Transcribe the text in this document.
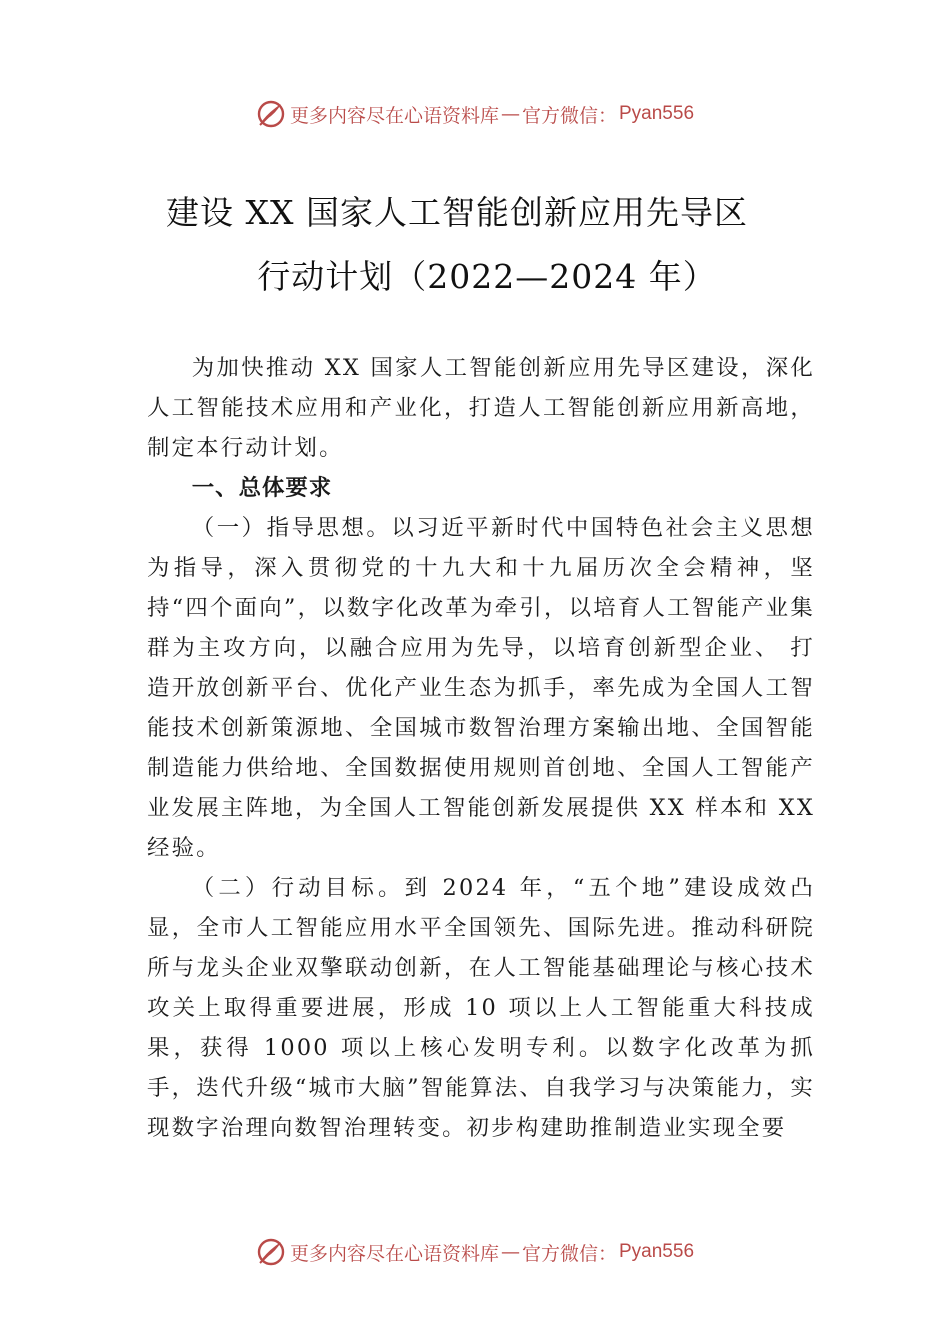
更多内容尽在心语资料库 — 官方微信： Pyan556
建设 XX 国家人工智能创新应用先导区
行动计划（2022—2024 年）

为加快推动 XX 国家人工智能创新应用先导区建设，深化人工智能技术应用和产业化，打造人工智能创新应用新高地，制定本行动计划。

一、总体要求

（一）指导思想。以习近平新时代中国特色社会主义思想为指导，深入贯彻党的十九大和十九届历次全会精神，坚持“四个面向”，以数字化改革为牵引，以培育人工智能产业集群为主攻方向，以融合应用为先导，以培育创新型企业、 打造开放创新平台、优化产业生态为抓手，率先成为全国人工智能技术创新策源地、全国城市数智治理方案输出地、全国智能制造能力供给地、全国数据使用规则首创地、全国人工智能产业发展主阵地，为全国人工智能创新发展提供 XX 样本和 XX 经验。

（二）行动目标。到 2024 年，“五个地”建设成效凸显，全市人工智能应用水平全国领先、国际先进。推动科研院所与龙头企业双擎联动创新，在人工智能基础理论与核心技术攻关上取得重要进展，形成 10 项以上人工智能重大科技成果，获得 1000 项以上核心发明专利。以数字化改革为抓手，迭代升级“城市大脑”智能算法、自我学习与决策能力，实现数字治理向数智治理转变。初步构建助推制造业实现全要

更多内容尽在心语资料库 — 官方微信： Pyan556
